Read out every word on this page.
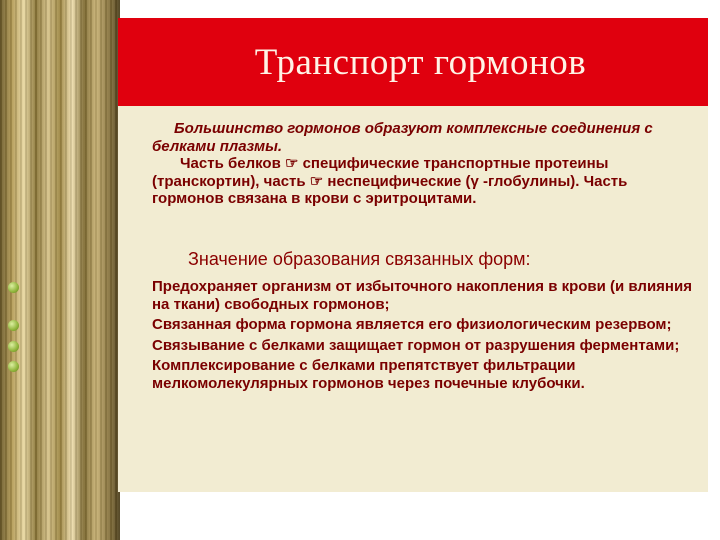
Транспорт гормонов
Большинство гормонов образуют комплексные соединения с белками плазмы.
Часть белков ☞ специфические транспортные протеины (транскортин), часть ☞ неспецифические (γ -глобулины). Часть гормонов связана в крови с эритроцитами.
Значение образования связанных форм:
Предохраняет организм от избыточного накопления в крови (и влияния на ткани) свободных гормонов;
Связанная форма гормона является его физиологическим резервом;
Связывание с белками защищает гормон от разрушения ферментами;
Комплексирование с белками препятствует фильтрации мелкомолекулярных гормонов через почечные клубочки.
